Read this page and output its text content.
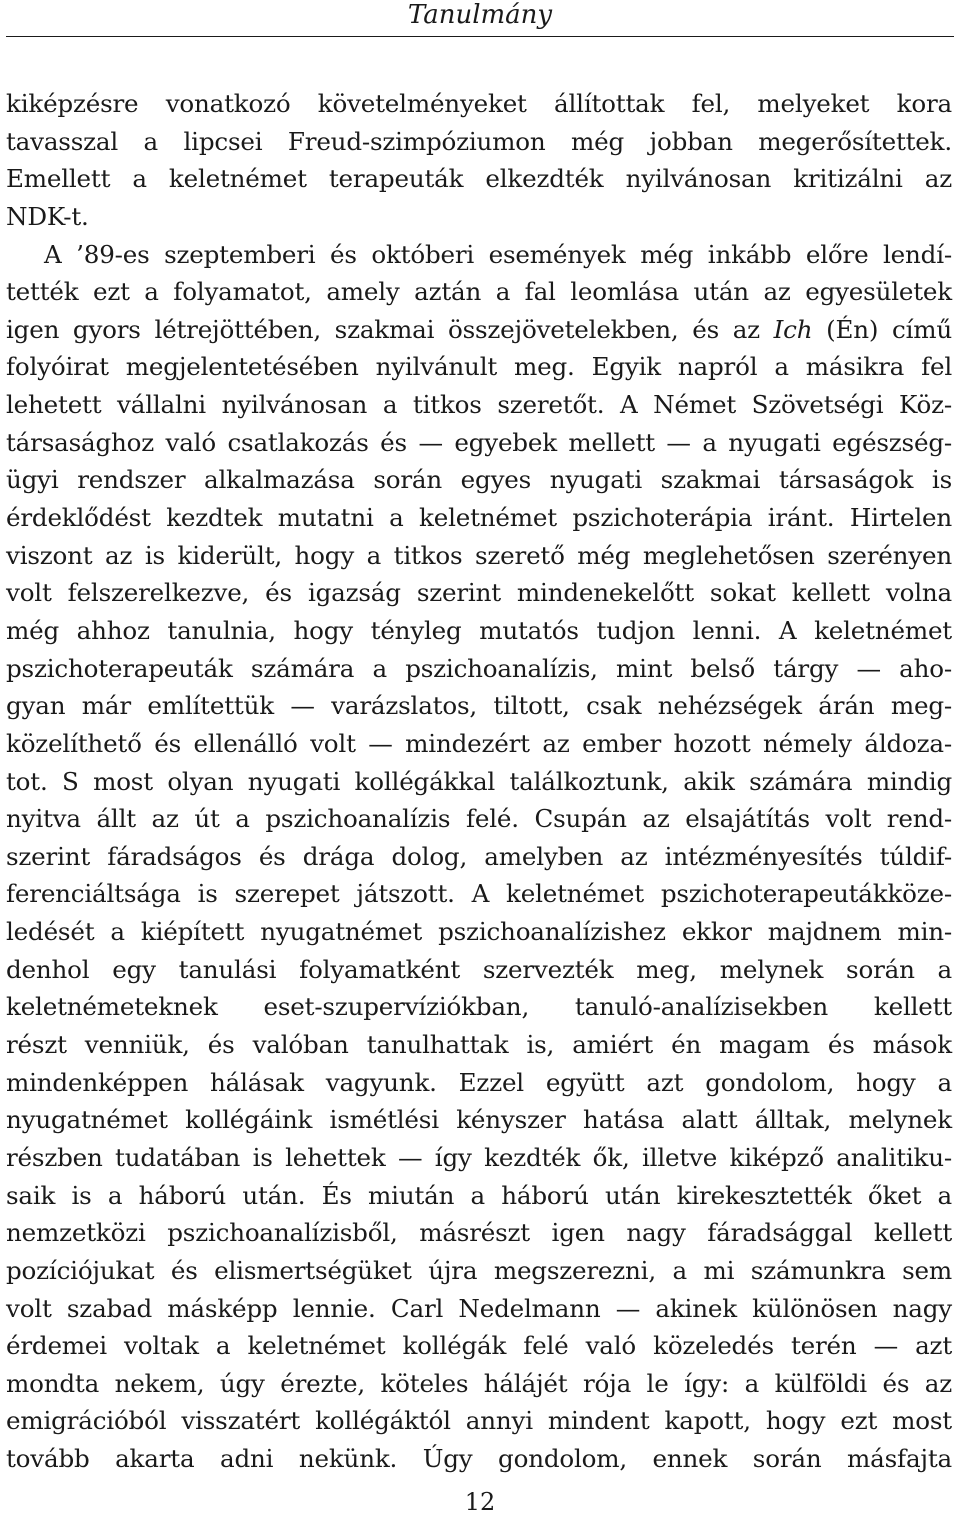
Tanulmány
kiképzésre vonatkozó követelményeket állítottak fel, melyeket kora
tavasszal a lipcsei Freud-szimpóziumon még jobban megerősítettek.
Emellett a keletnémet terapeuták elkezdték nyilvánosan kritizálni az
NDK-t.
A ’89-es szeptemberi és októberi események még inkább előre lendí-
tették ezt a folyamatot, amely aztán a fal leomlása után az egyesületek
igen gyors létrejöttében, szakmai összejövetelekben, és az Ich (Én) című
folyóirat megjelentetésében nyilvánult meg. Egyik napról a másikra fel
lehetett vállalni nyilvánosan a titkos szeretőt. A Német Szövetségi Köz-
társasághoz való csatlakozás és — egyebek mellett — a nyugati egészség-
ügyi rendszer alkalmazása során egyes nyugati szakmai társaságok is
érdeklődést kezdtek mutatni a keletnémet pszichoterápia iránt. Hirtelen
viszont az is kiderült, hogy a titkos szerető még meglehetősen szerényen
volt felszerelkezve, és igazság szerint mindenekelőtt sokat kellett volna
még ahhoz tanulnia, hogy tényleg mutatós tudjon lenni. A keletnémet
pszichoterapeuták számára a pszichoanalízis, mint belső tárgy — aho-
gyan már említettük — varázslatos, tiltott, csak nehézségek árán meg-
közelíthető és ellenálló volt — mindezért az ember hozott némely áldoza-
tot. S most olyan nyugati kollégákkal találkoztunk, akik számára mindig
nyitva állt az út a pszichoanalízis felé. Csupán az elsajátítás volt rend-
szerint fáradságos és drága dolog, amelyben az intézményesítés túldif-
ferenciáltsága is szerepet játszott. A keletnémet pszichoterapeutákköze-
ledését a kiépített nyugatnémet pszichoanalízishez ekkor majdnem min-
denhol egy tanulási folyamatként szervezték meg, melynek során a
keletnémeteknek eset-szupervíziókban, tanuló-analízisekben kellett
részt venniük, és valóban tanulhattak is, amiért én magam és mások
mindenképpen hálásak vagyunk. Ezzel együtt azt gondolom, hogy a
nyugatnémet kollégáink ismétlési kényszer hatása alatt álltak, melynek
részben tudatában is lehettek — így kezdték ők, illetve kiképző analitiku-
saik is a háború után. És miután a háború után kirekesztették őket a
nemzetközi pszichoanalízisből, másrészt igen nagy fáradsággal kellett
pozíciójukat és elismertségüket újra megszerezni, a mi számunkra sem
volt szabad másképp lennie. Carl Nedelmann — akinek különösen nagy
érdemei voltak a keletnémet kollégák felé való közeledés terén — azt
mondta nekem, úgy érezte, köteles hálájét rója le így: a külföldi és az
emigrációból visszatért kollégáktól annyi mindent kapott, hogy ezt most
tovább akarta adni nekünk. Úgy gondolom, ennek során másfajta
12
